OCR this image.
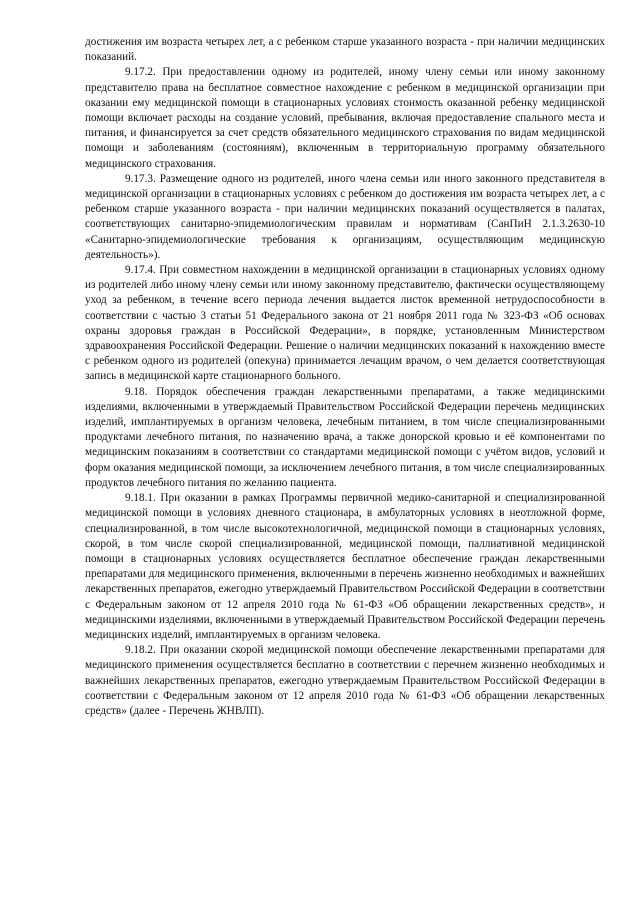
достижения им возраста четырех лет, а с ребенком старше указанного возраста - при наличии медицинских показаний.

9.17.2. При предоставлении одному из родителей, иному члену семьи или иному законному представителю права на бесплатное совместное нахождение с ребенком в медицинской организации при оказании ему медицинской помощи в стационарных условиях стоимость оказанной ребенку медицинской помощи включает расходы на создание условий, пребывания, включая предоставление спального места и питания, и финансируется за счет средств обязательного медицинского страхования по видам медицинской помощи и заболеваниям (состояниям), включенным в территориальную программу обязательного медицинского страхования.

9.17.3. Размещение одного из родителей, иного члена семьи или иного законного представителя в медицинской организации в стационарных условиях с ребенком до достижения им возраста четырех лет, а с ребенком старше указанного возраста - при наличии медицинских показаний осуществляется в палатах, соответствующих санитарно-эпидемиологическим правилам и нормативам (СанПиН 2.1.3.2630-10 «Санитарно-эпидемиологические требования к организациям, осуществляющим медицинскую деятельность»).

9.17.4. При совместном нахождении в медицинской организации в стационарных условиях одному из родителей либо иному члену семьи или иному законному представителю, фактически осуществляющему уход за ребенком, в течение всего периода лечения выдается листок временной нетрудоспособности в соответствии с частью 3 статьи 51 Федерального закона от 21 ноября 2011 года № 323-ФЗ «Об основах охраны здоровья граждан в Российской Федерации», в порядке, установленным Министерством здравоохранения Российской Федерации. Решение о наличии медицинских показаний к нахождению вместе с ребенком одного из родителей (опекуна) принимается лечащим врачом, о чем делается соответствующая запись в медицинской карте стационарного больного.

9.18. Порядок обеспечения граждан лекарственными препаратами, а также медицинскими изделиями, включенными в утверждаемый Правительством Российской Федерации перечень медицинских изделий, имплантируемых в организм человека, лечебным питанием, в том числе специализированными продуктами лечебного питания, по назначению врача, а также донорской кровью и её компонентами по медицинским показаниям в соответствии со стандартами медицинской помощи с учётом видов, условий и форм оказания медицинской помощи, за исключением лечебного питания, в том числе специализированных продуктов лечебного питания по желанию пациента.

9.18.1. При оказании в рамках Программы первичной медико-санитарной и специализированной медицинской помощи в условиях дневного стационара, в амбулаторных условиях в неотложной форме, специализированной, в том числе высокотехнологичной, медицинской помощи в стационарных условиях, скорой, в том числе скорой специализированной, медицинской помощи, паллиативной медицинской помощи в стационарных условиях осуществляется бесплатное обеспечение граждан лекарственными препаратами для медицинского применения, включенными в перечень жизненно необходимых и важнейших лекарственных препаратов, ежегодно утверждаемый Правительством Российской Федерации в соответствии с Федеральным законом от 12 апреля 2010 года № 61-ФЗ «Об обращении лекарственных средств», и медицинскими изделиями, включенными в утверждаемый Правительством Российской Федерации перечень медицинских изделий, имплантируемых в организм человека.

9.18.2. При оказании скорой медицинской помощи обеспечение лекарственными препаратами для медицинского применения осуществляется бесплатно в соответствии с перечнем жизненно необходимых и важнейших лекарственных препаратов, ежегодно утверждаемым Правительством Российской Федерации в соответствии с Федеральным законом от 12 апреля 2010 года № 61-ФЗ «Об обращении лекарственных средств» (далее - Перечень ЖНВЛП).
